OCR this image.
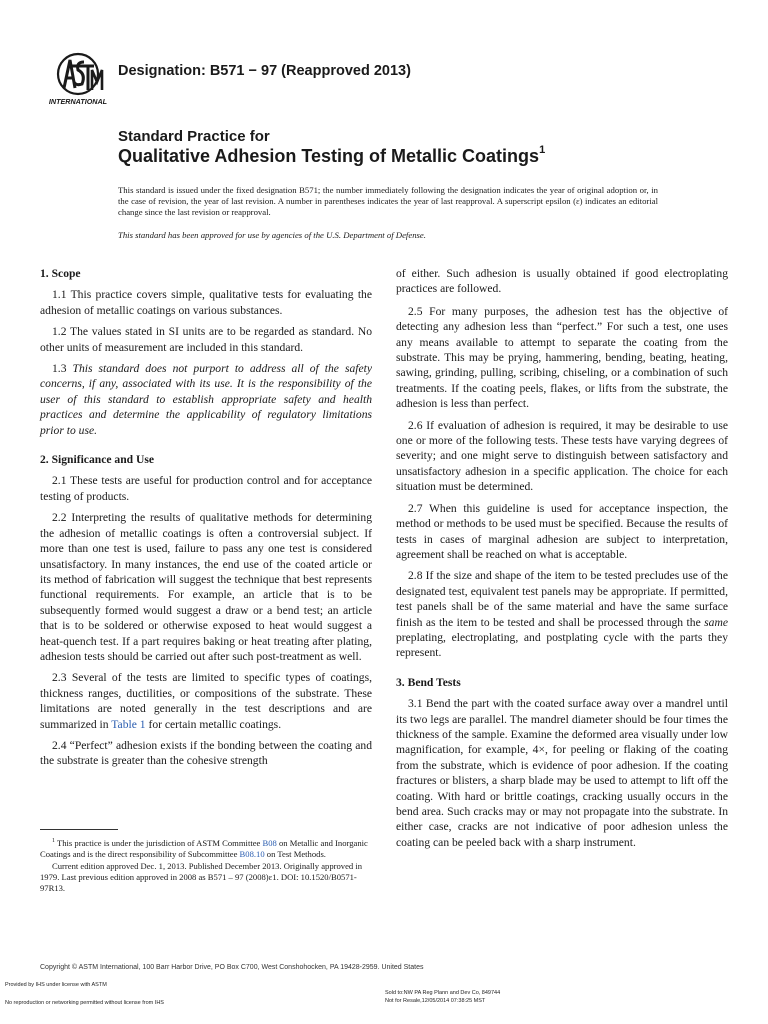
INTERNATIONAL
Designation: B571 − 97 (Reapproved 2013)
Standard Practice for
Qualitative Adhesion Testing of Metallic Coatings$^1$
This standard is issued under the fixed designation B571; the number immediately following the designation indicates the year of original adoption or, in the case of revision, the year of last revision. A number in parentheses indicates the year of last reapproval. A superscript epsilon (ε) indicates an editorial change since the last revision or reapproval.
This standard has been approved for use by agencies of the U.S. Department of Defense.
1. Scope

1.1 This practice covers simple, qualitative tests for evaluating the adhesion of metallic coatings on various substances.

1.2 The values stated in SI units are to be regarded as standard. No other units of measurement are included in this standard.

1.3 This standard does not purport to address all of the safety concerns, if any, associated with its use. It is the responsibility of the user of this standard to establish appropriate safety and health practices and determine the applicability of regulatory limitations prior to use.

2. Significance and Use

2.1 These tests are useful for production control and for acceptance testing of products.

2.2 Interpreting the results of qualitative methods for determining the adhesion of metallic coatings is often a controversial subject. If more than one test is used, failure to pass any one test is considered unsatisfactory. In many instances, the end use of the coated article or its method of fabrication will suggest the technique that best represents functional requirements. For example, an article that is to be subsequently formed would suggest a draw or a bend test; an article that is to be soldered or otherwise exposed to heat would suggest a heat-quench test. If a part requires baking or heat treating after plating, adhesion tests should be carried out after such post-treatment as well.

2.3 Several of the tests are limited to specific types of coatings, thickness ranges, ductilities, or compositions of the substrate. These limitations are noted generally in the test descriptions and are summarized in Table 1 for certain metallic coatings.

2.4 “Perfect” adhesion exists if the bonding between the coating and the substrate is greater than the cohesive strength

of either. Such adhesion is usually obtained if good electroplating practices are followed.

2.5 For many purposes, the adhesion test has the objective of detecting any adhesion less than “perfect.” For such a test, one uses any means available to attempt to separate the coating from the substrate. This may be prying, hammering, bending, beating, heating, sawing, grinding, pulling, scribing, chiseling, or a combination of such treatments. If the coating peels, flakes, or lifts from the substrate, the adhesion is less than perfect.

2.6 If evaluation of adhesion is required, it may be desirable to use one or more of the following tests. These tests have varying degrees of severity; and one might serve to distinguish between satisfactory and unsatisfactory adhesion in a specific application. The choice for each situation must be determined.

2.7 When this guideline is used for acceptance inspection, the method or methods to be used must be specified. Because the results of tests in cases of marginal adhesion are subject to interpretation, agreement shall be reached on what is acceptable.

2.8 If the size and shape of the item to be tested precludes use of the designated test, equivalent test panels may be appropriate. If permitted, test panels shall be of the same material and have the same surface finish as the item to be tested and shall be processed through the same preplating, electroplating, and postplating cycle with the parts they represent.

3. Bend Tests

3.1 Bend the part with the coated surface away over a mandrel until its two legs are parallel. The mandrel diameter should be four times the thickness of the sample. Examine the deformed area visually under low magnification, for example, 4×, for peeling or flaking of the coating from the substrate, which is evidence of poor adhesion. If the coating fractures or blisters, a sharp blade may be used to attempt to lift off the coating. With hard or brittle coatings, cracking usually occurs in the bend area. Such cracks may or may not propagate into the substrate. In either case, cracks are not indicative of poor adhesion unless the coating can be peeled back with a sharp instrument.

$^1$ This practice is under the jurisdiction of ASTM Committee B08 on Metallic and Inorganic Coatings and is the direct responsibility of Subcommittee B08.10 on Test Methods.

Current edition approved Dec. 1, 2013. Published December 2013. Originally approved in 1979. Last previous edition approved in 2008 as B571 – 97 (2008)ε1. DOI: 10.1520/B0571-97R13.

Copyright © ASTM International, 100 Barr Harbor Drive, PO Box C700, West Conshohocken, PA 19428-2959. United States
Provided by IHS under license with ASTM
No reproduction or networking permitted without license from IHS
Sold to:NW PA Reg Plann and Dev Co, 849744
Not for Resale,12/05/2014 07:38:25 MST
